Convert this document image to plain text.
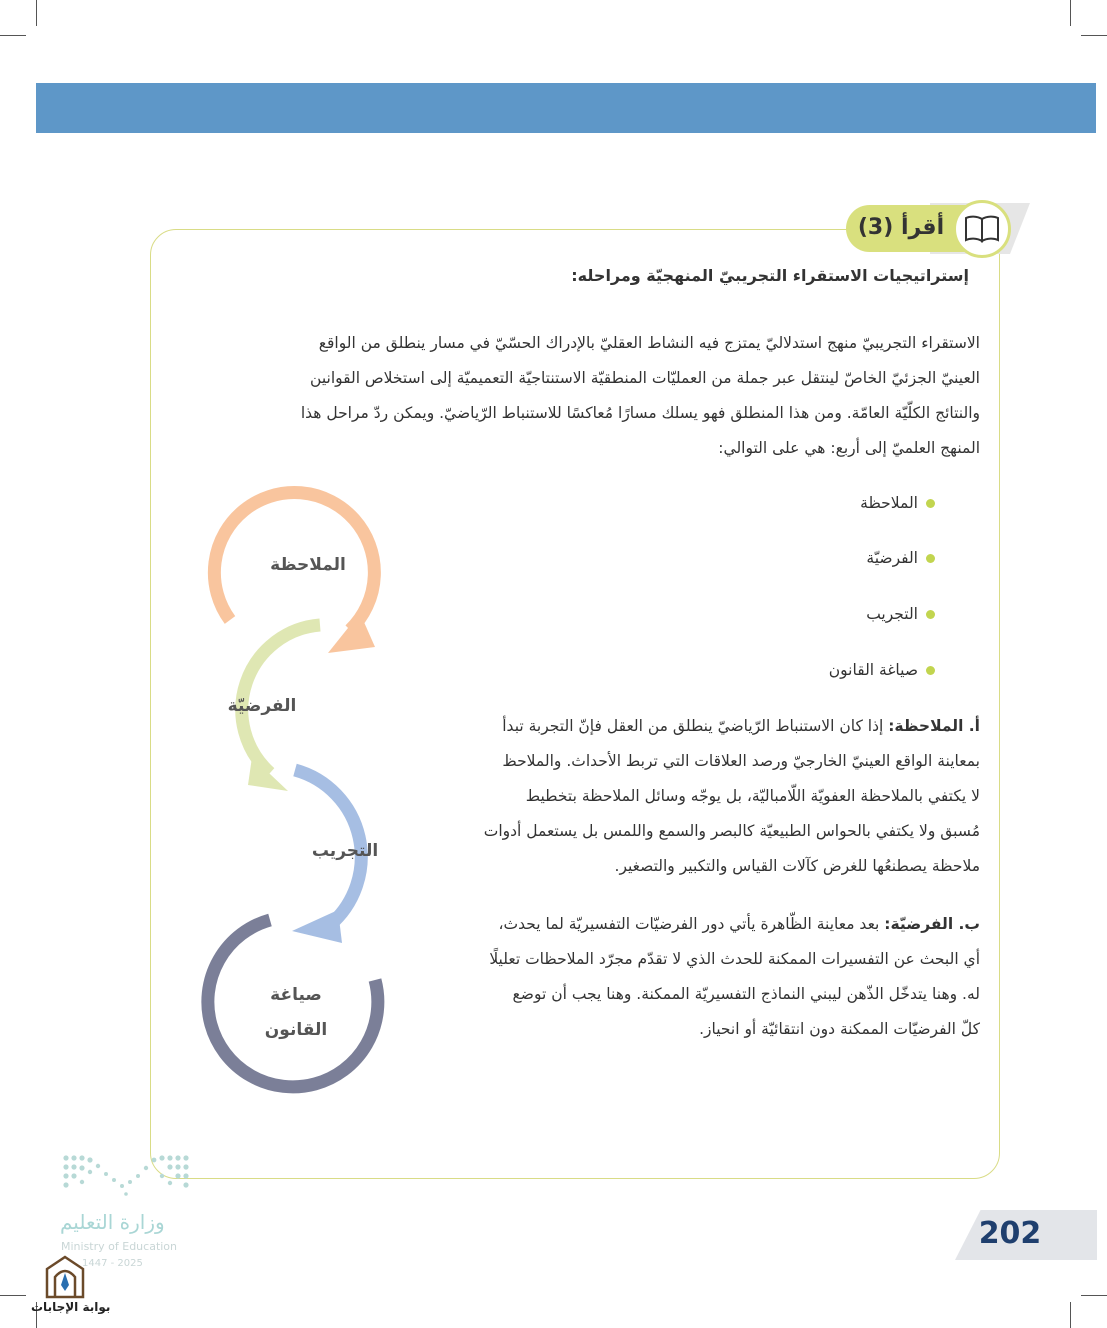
أقرأ (3)
إستراتيجيات الاستقراء التجريبيّ المنهجيّة ومراحله:
الاستقراء التجريبيّ منهج استدلاليّ يمتزج فيه النشاط العقليّ بالإدراك الحسّيّ في مسار ينطلق من الواقع
العينيّ الجزئيّ الخاصّ لينتقل عبر جملة من العمليّات المنطقيّة الاستنتاجيّة التعميميّة إلى استخلاص القوانين
والنتائج الكلّيّة العامّة. ومن هذا المنطلق فهو يسلك مسارًا مُعاكسًا للاستنباط الرّياضيّ. ويمكن ردّ مراحل هذا
المنهج العلميّ إلى أربع: هي على التوالي:
الملاحظة
الفرضيّة
التجريب
صياغة القانون
الملاحظة
الفرضيّة
التجريب
صياغة
القانون
أ. الملاحظة: إذا كان الاستنباط الرّياضيّ ينطلق من العقل فإنّ التجربة تبدأ
بمعاينة الواقع العينيّ الخارجيّ ورصد العلاقات التي تربط الأحداث. والملاحظ
لا يكتفي بالملاحظة العفويّة اللّامباليّة، بل يوجّه وسائل الملاحظة بتخطيط
مُسبق ولا يكتفي بالحواس الطبيعيّة كالبصر والسمع واللمس بل يستعمل أدوات
ملاحظة يصطنعُها للغرض كآلات القياس والتكبير والتصغير.
ب. الفرضيّة: بعد معاينة الظّاهرة يأتي دور الفرضيّات التفسيريّة لما يحدث،
أي البحث عن التفسيرات الممكنة للحدث الذي لا تقدّم مجرّد الملاحظات تعليلًا
له. وهنا يتدخّل الذّهن ليبني النماذج التفسيريّة الممكنة. وهنا يجب أن توضع
كلّ الفرضيّات الممكنة دون انتقائيّة أو انحياز.
202
وزارة التعليم
Ministry of Education
1447 - 2025
بوابة الإجابات
